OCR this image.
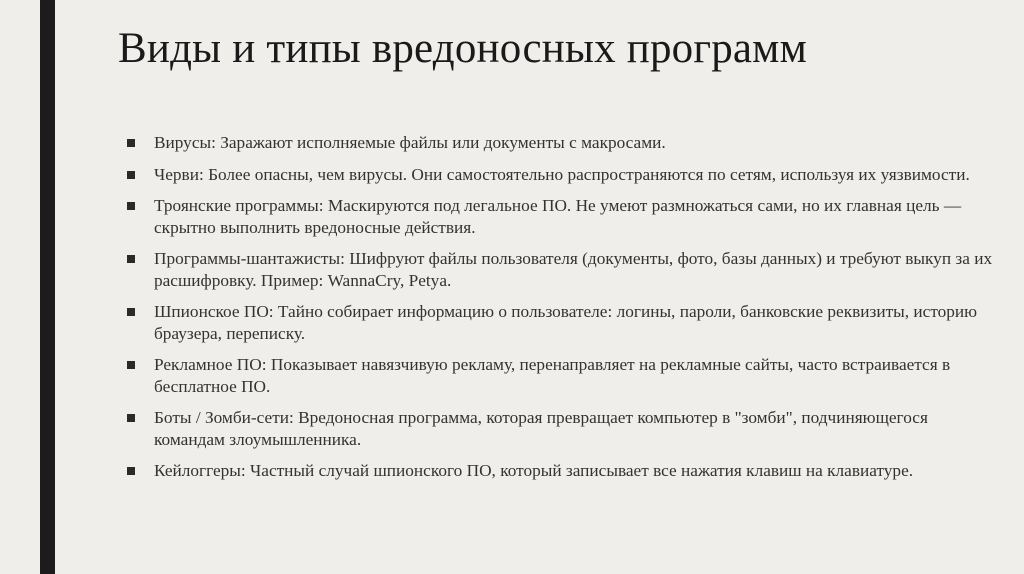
Виды и типы вредоносных программ
Вирусы: Заражают исполняемые файлы или документы с макросами.
Черви: Более опасны, чем вирусы. Они самостоятельно распространяются по сетям, используя их уязвимости.
Троянские программы: Маскируются под легальное ПО. Не умеют размножаться сами, но их главная цель — скрытно выполнить вредоносные действия.
Программы-шантажисты: Шифруют файлы пользователя (документы, фото, базы данных) и требуют выкуп за их расшифровку. Пример: WannaCry, Petya.
Шпионское ПО: Тайно собирает информацию о пользователе: логины, пароли, банковские реквизиты, историю браузера, переписку.
Рекламное ПО: Показывает навязчивую рекламу, перенаправляет на рекламные сайты, часто встраивается в бесплатное ПО.
Боты / Зомби-сети: Вредоносная программа, которая превращает компьютер в "зомби", подчиняющегося командам злоумышленника.
Кейлоггеры: Частный случай шпионского ПО, который записывает все нажатия клавиш на клавиатуре.
